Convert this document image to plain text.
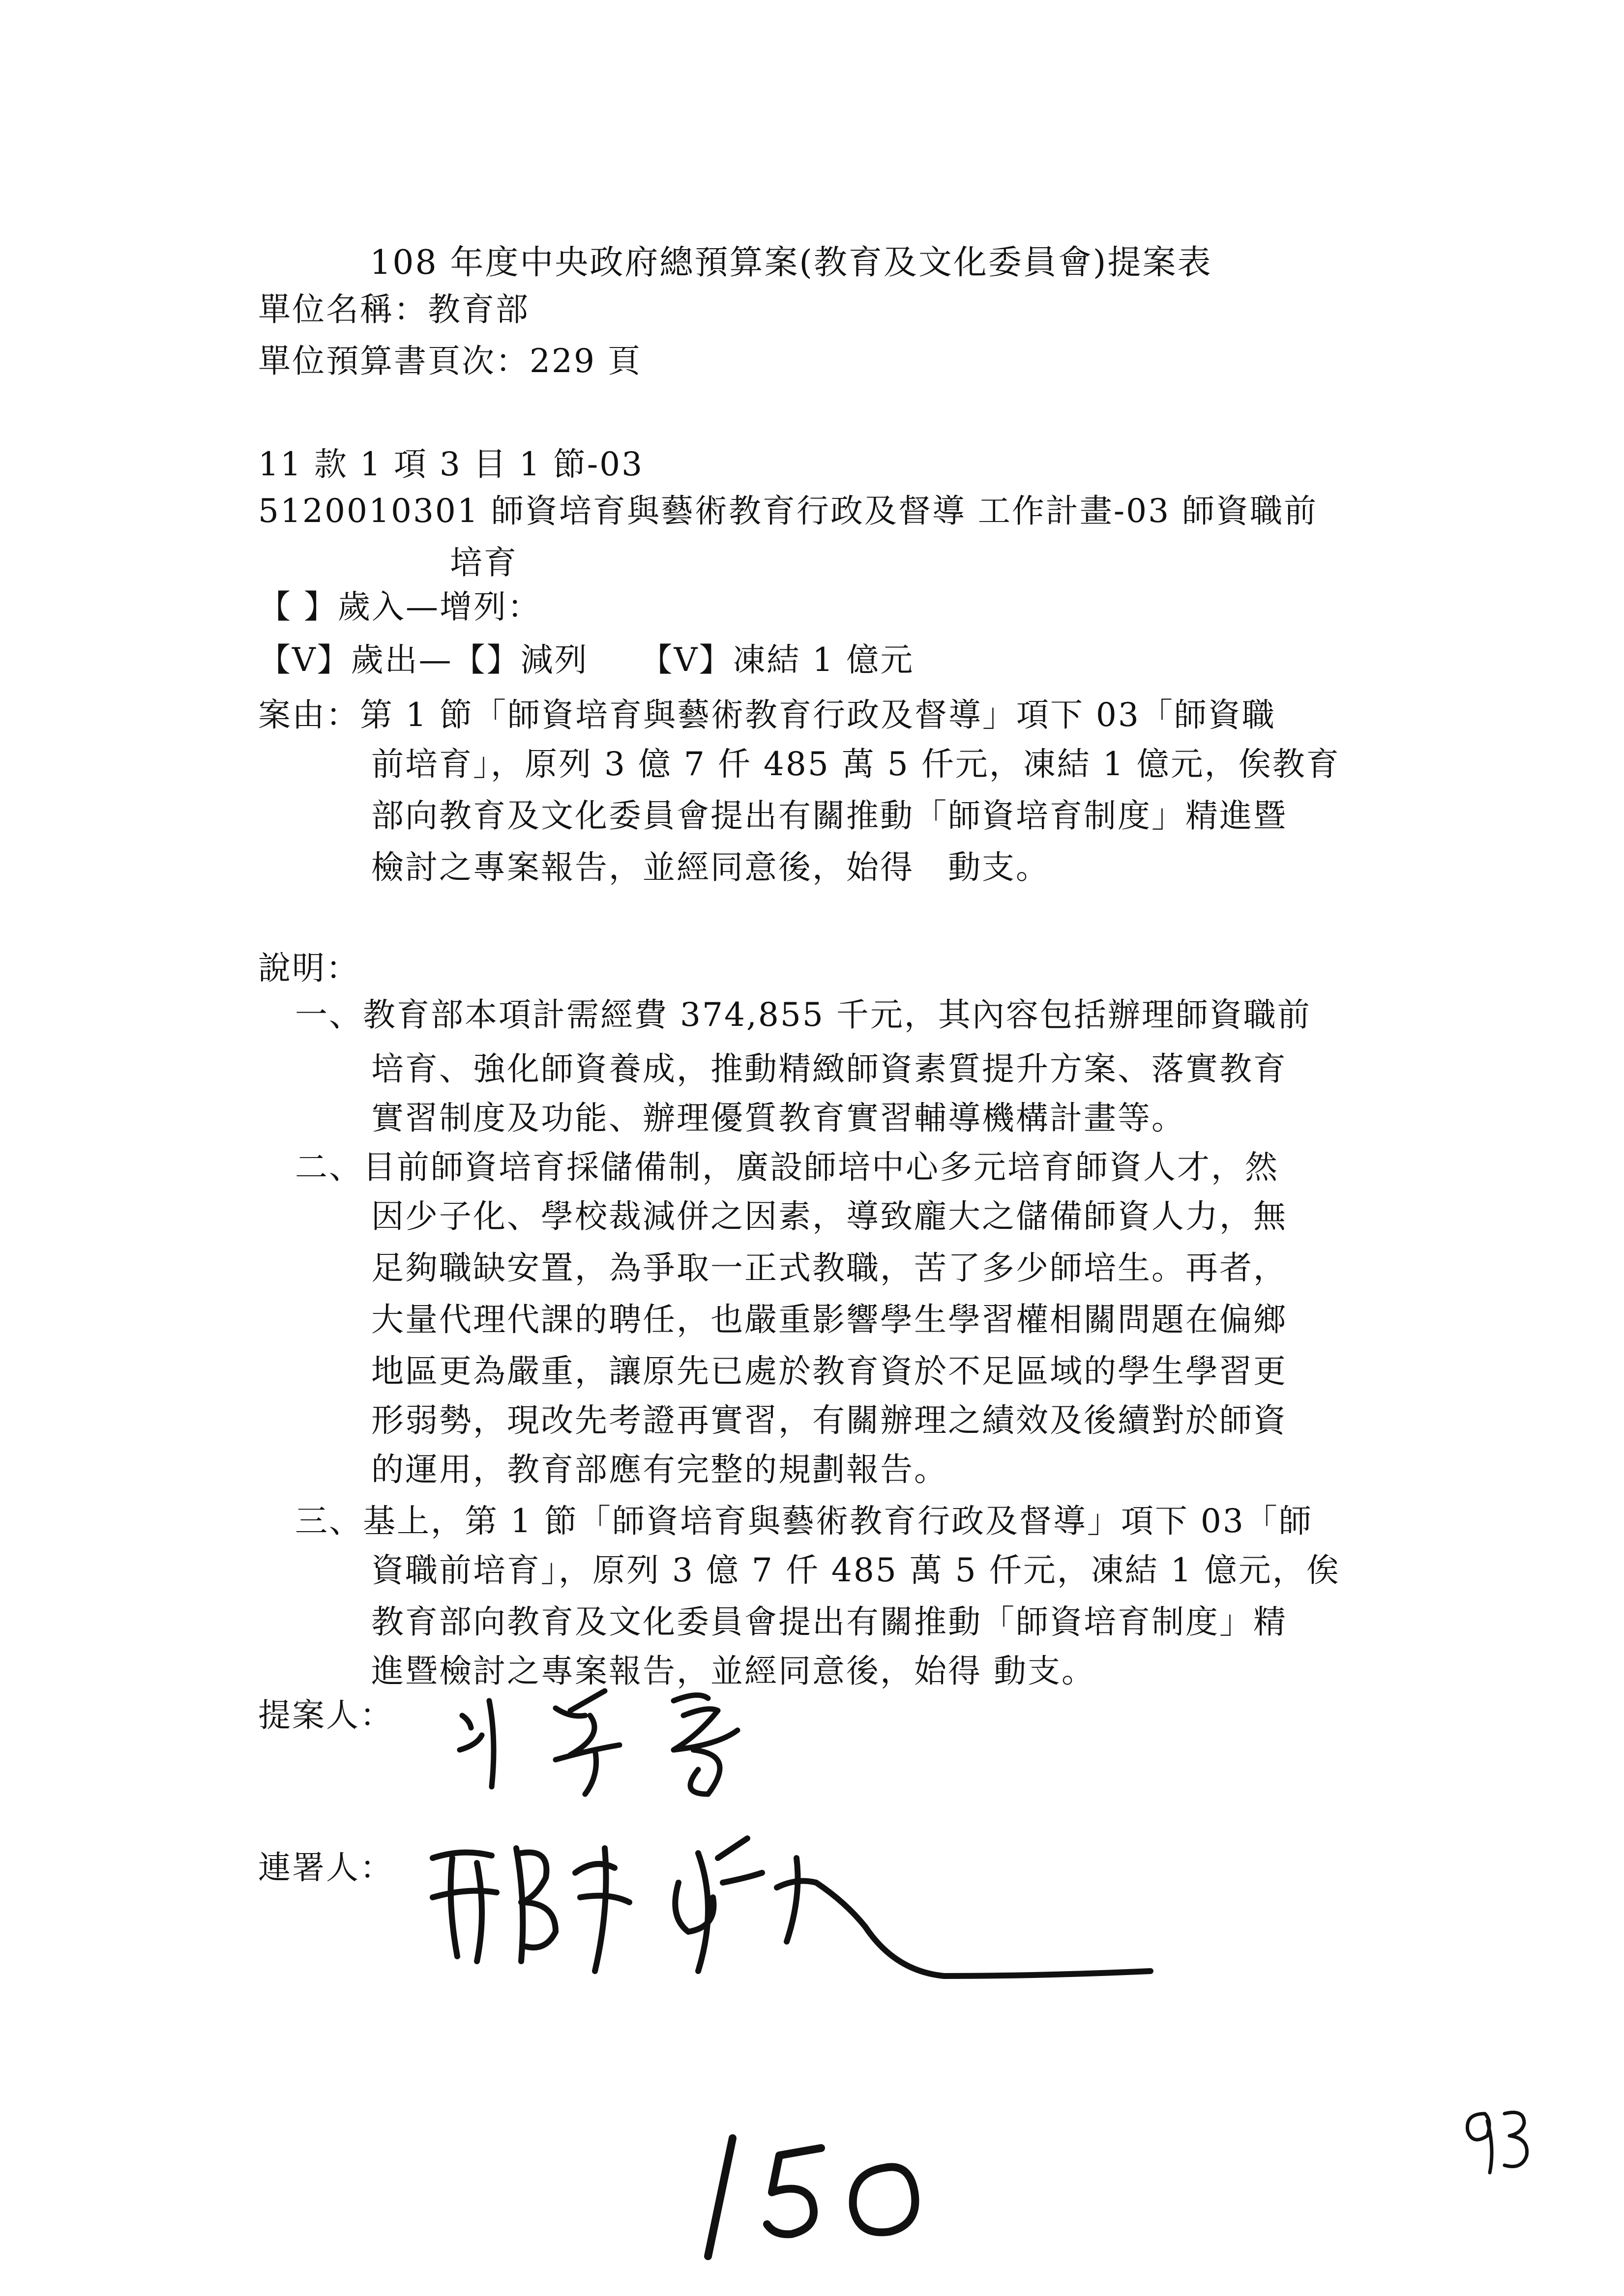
108 年度中央政府總預算案(教育及文化委員會)提案表
單位名稱：教育部
單位預算書頁次：229 頁
11 款 1 項 3 目 1 節-03
5120010301 師資培育與藝術教育行政及督導 工作計畫-03 師資職前
培育
【 】歲入—增列：
【V】歲出—【】減列　　【V】凍結 1 億元
案由：第 1 節「師資培育與藝術教育行政及督導」項下 03「師資職
前培育」，原列 3 億 7 仟 485 萬 5 仟元，凍結 1 億元，俟教育
部向教育及文化委員會提出有關推動「師資培育制度」精進暨
檢討之專案報告，並經同意後，始得　動支。
說明：
一、教育部本項計需經費 374,855 千元，其內容包括辦理師資職前
培育、強化師資養成，推動精緻師資素質提升方案、落實教育
實習制度及功能、辦理優質教育實習輔導機構計畫等。
二、目前師資培育採儲備制，廣設師培中心多元培育師資人才，然
因少子化、學校裁減併之因素，導致龐大之儲備師資人力，無
足夠職缺安置，為爭取一正式教職，苦了多少師培生。再者，
大量代理代課的聘任，也嚴重影響學生學習權相關問題在偏鄉
地區更為嚴重，讓原先已處於教育資於不足區域的學生學習更
形弱勢，現改先考證再實習，有關辦理之績效及後續對於師資
的運用，教育部應有完整的規劃報告。
三、基上，第 1 節「師資培育與藝術教育行政及督導」項下 03「師
資職前培育」，原列 3 億 7 仟 485 萬 5 仟元，凍結 1 億元，俟
教育部向教育及文化委員會提出有關推動「師資培育制度」精
進暨檢討之專案報告，並經同意後，始得 動支。
提案人：
連署人：
